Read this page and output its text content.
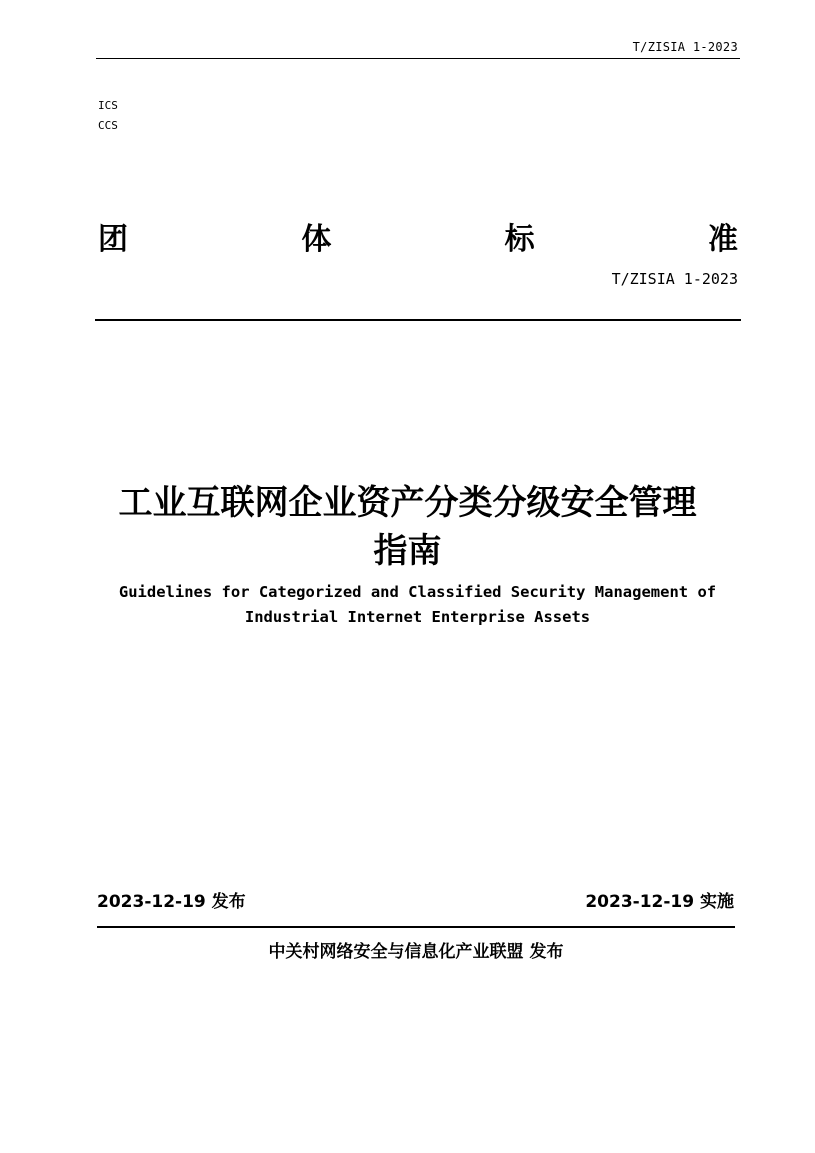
T/ZISIA 1-2023
ICS
CCS
团	体	标	准
T/ZISIA 1-2023
工业互联网企业资产分类分级安全管理
指南
Guidelines for Categorized and Classified Security Management of
Industrial Internet Enterprise Assets
2023-12-19 发布	2023-12-19 实施
中关村网络安全与信息化产业联盟 发布
